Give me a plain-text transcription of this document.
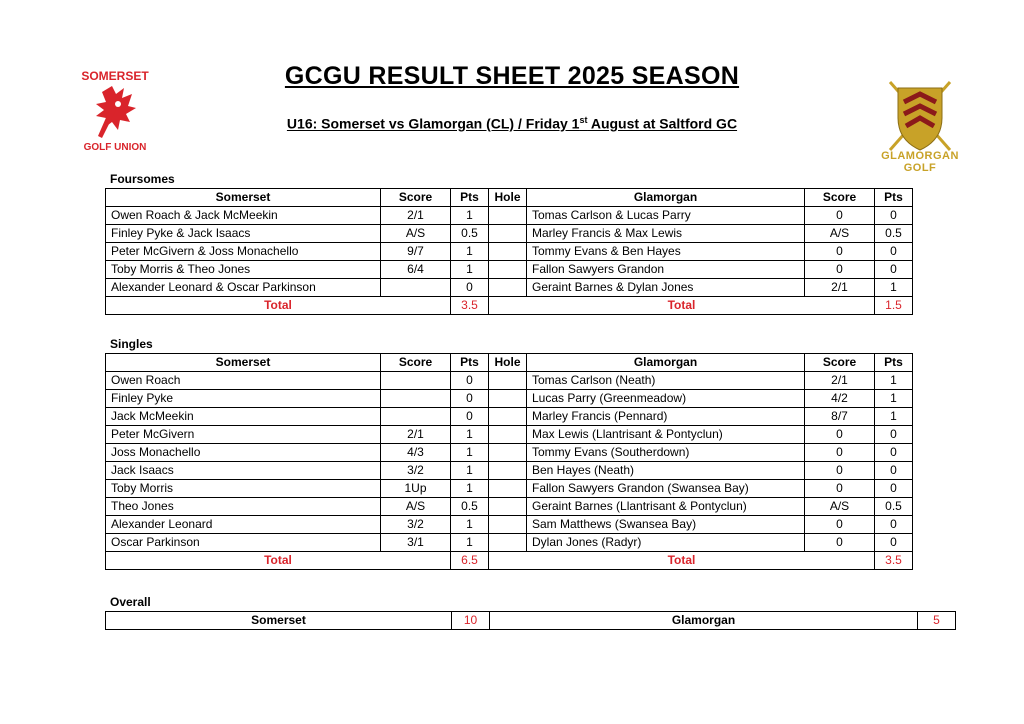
SOMERSET
GOLF UNION
GLAMORGAN GOLF
GCGU RESULT SHEET 2025 SEASON
U16: Somerset vs Glamorgan (CL) / Friday 1st August at Saltford GC
Foursomes
Somerset	Score	Pts	Hole	Glamorgan	Score	Pts
Owen Roach & Jack McMeekin	2/1	1		Tomas Carlson & Lucas Parry	0	0
Finley Pyke & Jack Isaacs	A/S	0.5		Marley Francis & Max Lewis	A/S	0.5
Peter McGivern & Joss Monachello	9/7	1		Tommy Evans & Ben Hayes	0	0
Toby Morris & Theo Jones	6/4	1		Fallon Sawyers Grandon	0	0
Alexander Leonard & Oscar Parkinson		0		Geraint Barnes & Dylan Jones	2/1	1
Total		3.5	Total			1.5
Singles
Somerset	Score	Pts	Hole	Glamorgan	Score	Pts
Owen Roach		0		Tomas Carlson (Neath)	2/1	1
Finley Pyke		0		Lucas Parry (Greenmeadow)	4/2	1
Jack McMeekin		0		Marley Francis (Pennard)	8/7	1
Peter McGivern	2/1	1		Max Lewis (Llantrisant & Pontyclun)	0	0
Joss Monachello	4/3	1		Tommy Evans (Southerdown)	0	0
Jack Isaacs	3/2	1		Ben Hayes (Neath)	0	0
Toby Morris	1Up	1		Fallon Sawyers Grandon (Swansea Bay)	0	0
Theo Jones	A/S	0.5		Geraint Barnes (Llantrisant & Pontyclun)	A/S	0.5
Alexander Leonard	3/2	1		Sam Matthews (Swansea Bay)	0	0
Oscar Parkinson	3/1	1		Dylan Jones (Radyr)	0	0
Total		6.5	Total			3.5
Overall
Somerset	10	Glamorgan	5
